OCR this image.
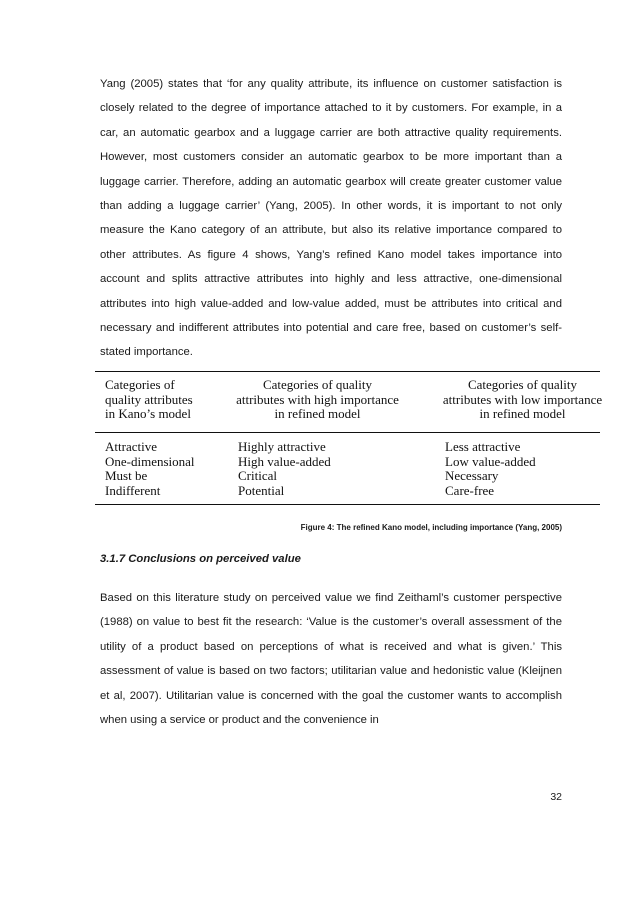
Yang (2005) states that ‘for any quality attribute, its influence on customer satisfaction is closely related to the degree of importance attached to it by customers. For example, in a car, an automatic gearbox and a luggage carrier are both attractive quality requirements. However, most customers consider an automatic gearbox to be more important than a luggage carrier. Therefore, adding an automatic gearbox will create greater customer value than adding a luggage carrier’ (Yang, 2005). In other words, it is important to not only measure the Kano category of an attribute, but also its relative importance compared to other attributes. As figure 4 shows, Yang’s refined Kano model takes importance into account and splits attractive attributes into highly and less attractive, one-dimensional attributes into high value-added and low-value added, must be attributes into critical and necessary and indifferent attributes into potential and care free, based on customer’s self-stated importance.

Categories of
quality attributes
in Kano’s model
Categories of quality
attributes with high importance
in refined model
Categories of quality
attributes with low importance
in refined model
Attractive
One-dimensional
Must be
Indifferent
Highly attractive
High value-added
Critical
Potential
Less attractive
Low value-added
Necessary
Care-free
Figure 4: The refined Kano model, including importance (Yang, 2005)
3.1.7 Conclusions on perceived value

Based on this literature study on perceived value we find Zeithaml’s customer perspective (1988) on value to best fit the research: ‘Value is the customer’s overall assessment of the utility of a product based on perceptions of what is received and what is given.’ This assessment of value is based on two factors; utilitarian value and hedonistic value (Kleijnen et al, 2007). Utilitarian value is concerned with the goal the customer wants to accomplish when using a service or product and the convenience in

32
